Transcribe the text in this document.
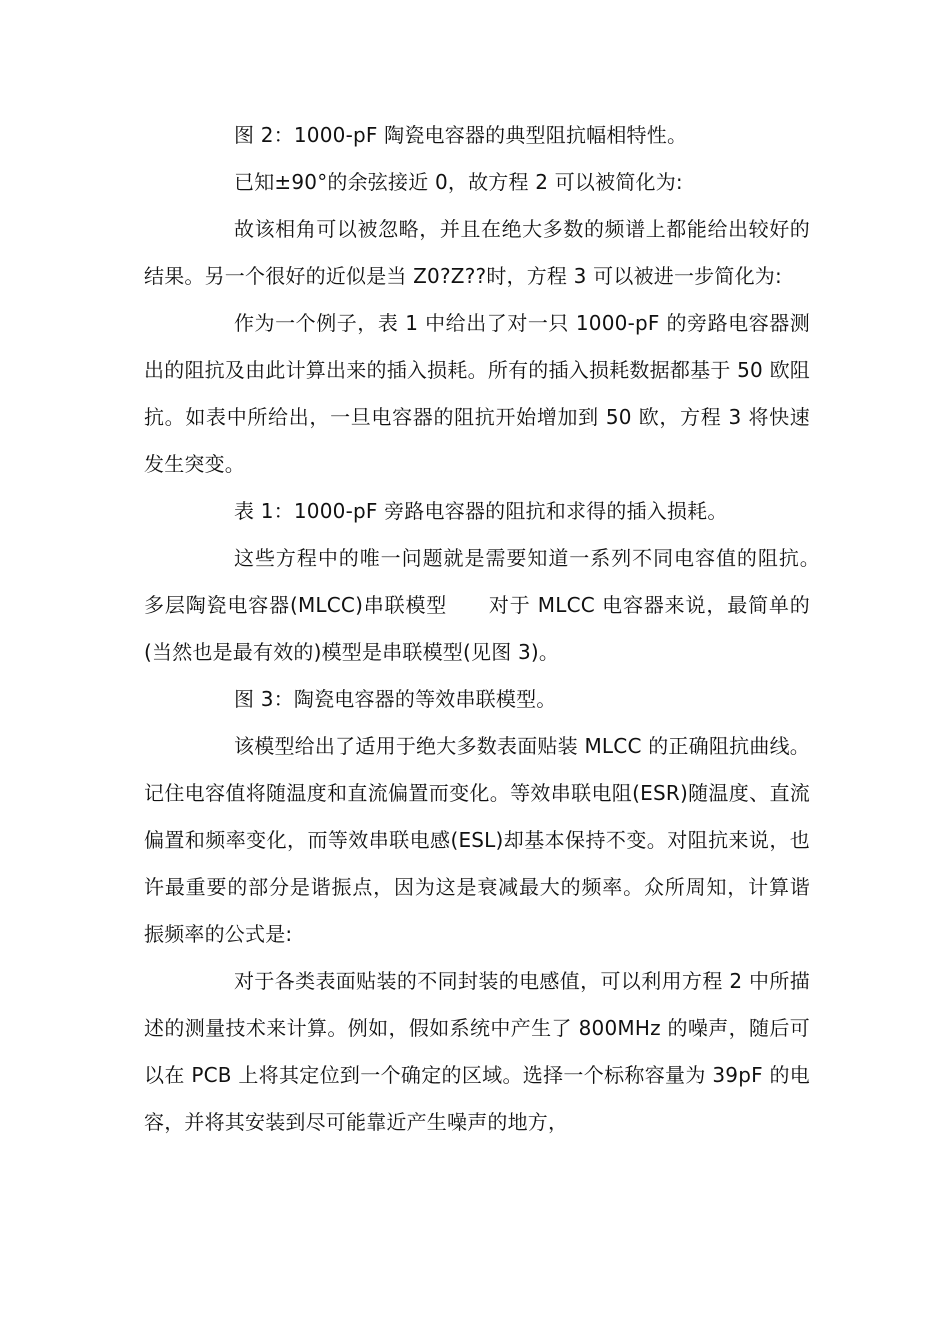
图 2：1000-pF 陶瓷电容器的典型阻抗幅相特性。

已知±90°的余弦接近 0，故方程 2 可以被简化为:

故该相角可以被忽略，并且在绝大多数的频谱上都能给出较好的结果。另一个很好的近似是当 Z0?Z??时，方程 3 可以被进一步简化为:

作为一个例子，表 1 中给出了对一只 1000-pF 的旁路电容器测出的阻抗及由此计算出来的插入损耗。所有的插入损耗数据都基于 50 欧阻抗。如表中所给出，一旦电容器的阻抗开始增加到 50 欧，方程 3 将快速发生突变。

表 1：1000-pF 旁路电容器的阻抗和求得的插入损耗。

这些方程中的唯一问题就是需要知道一系列不同电容值的阻抗。　　多层陶瓷电容器(MLCC)串联模型　　对于 MLCC 电容器来说，最简单的(当然也是最有效的)模型是串联模型(见图 3)。

图 3：陶瓷电容器的等效串联模型。

该模型给出了适用于绝大多数表面贴装 MLCC 的正确阻抗曲线。记住电容值将随温度和直流偏置而变化。等效串联电阻(ESR)随温度、直流偏置和频率变化，而等效串联电感(ESL)却基本保持不变。对阻抗来说，也许最重要的部分是谐振点，因为这是衰减最大的频率。众所周知，计算谐振频率的公式是:

对于各类表面贴装的不同封装的电感值，可以利用方程 2 中所描述的测量技术来计算。例如，假如系统中产生了 800MHz 的噪声，随后可以在 PCB 上将其定位到一个确定的区域。选择一个标称容量为 39pF 的电容，并将其安装到尽可能靠近产生噪声的地方，
